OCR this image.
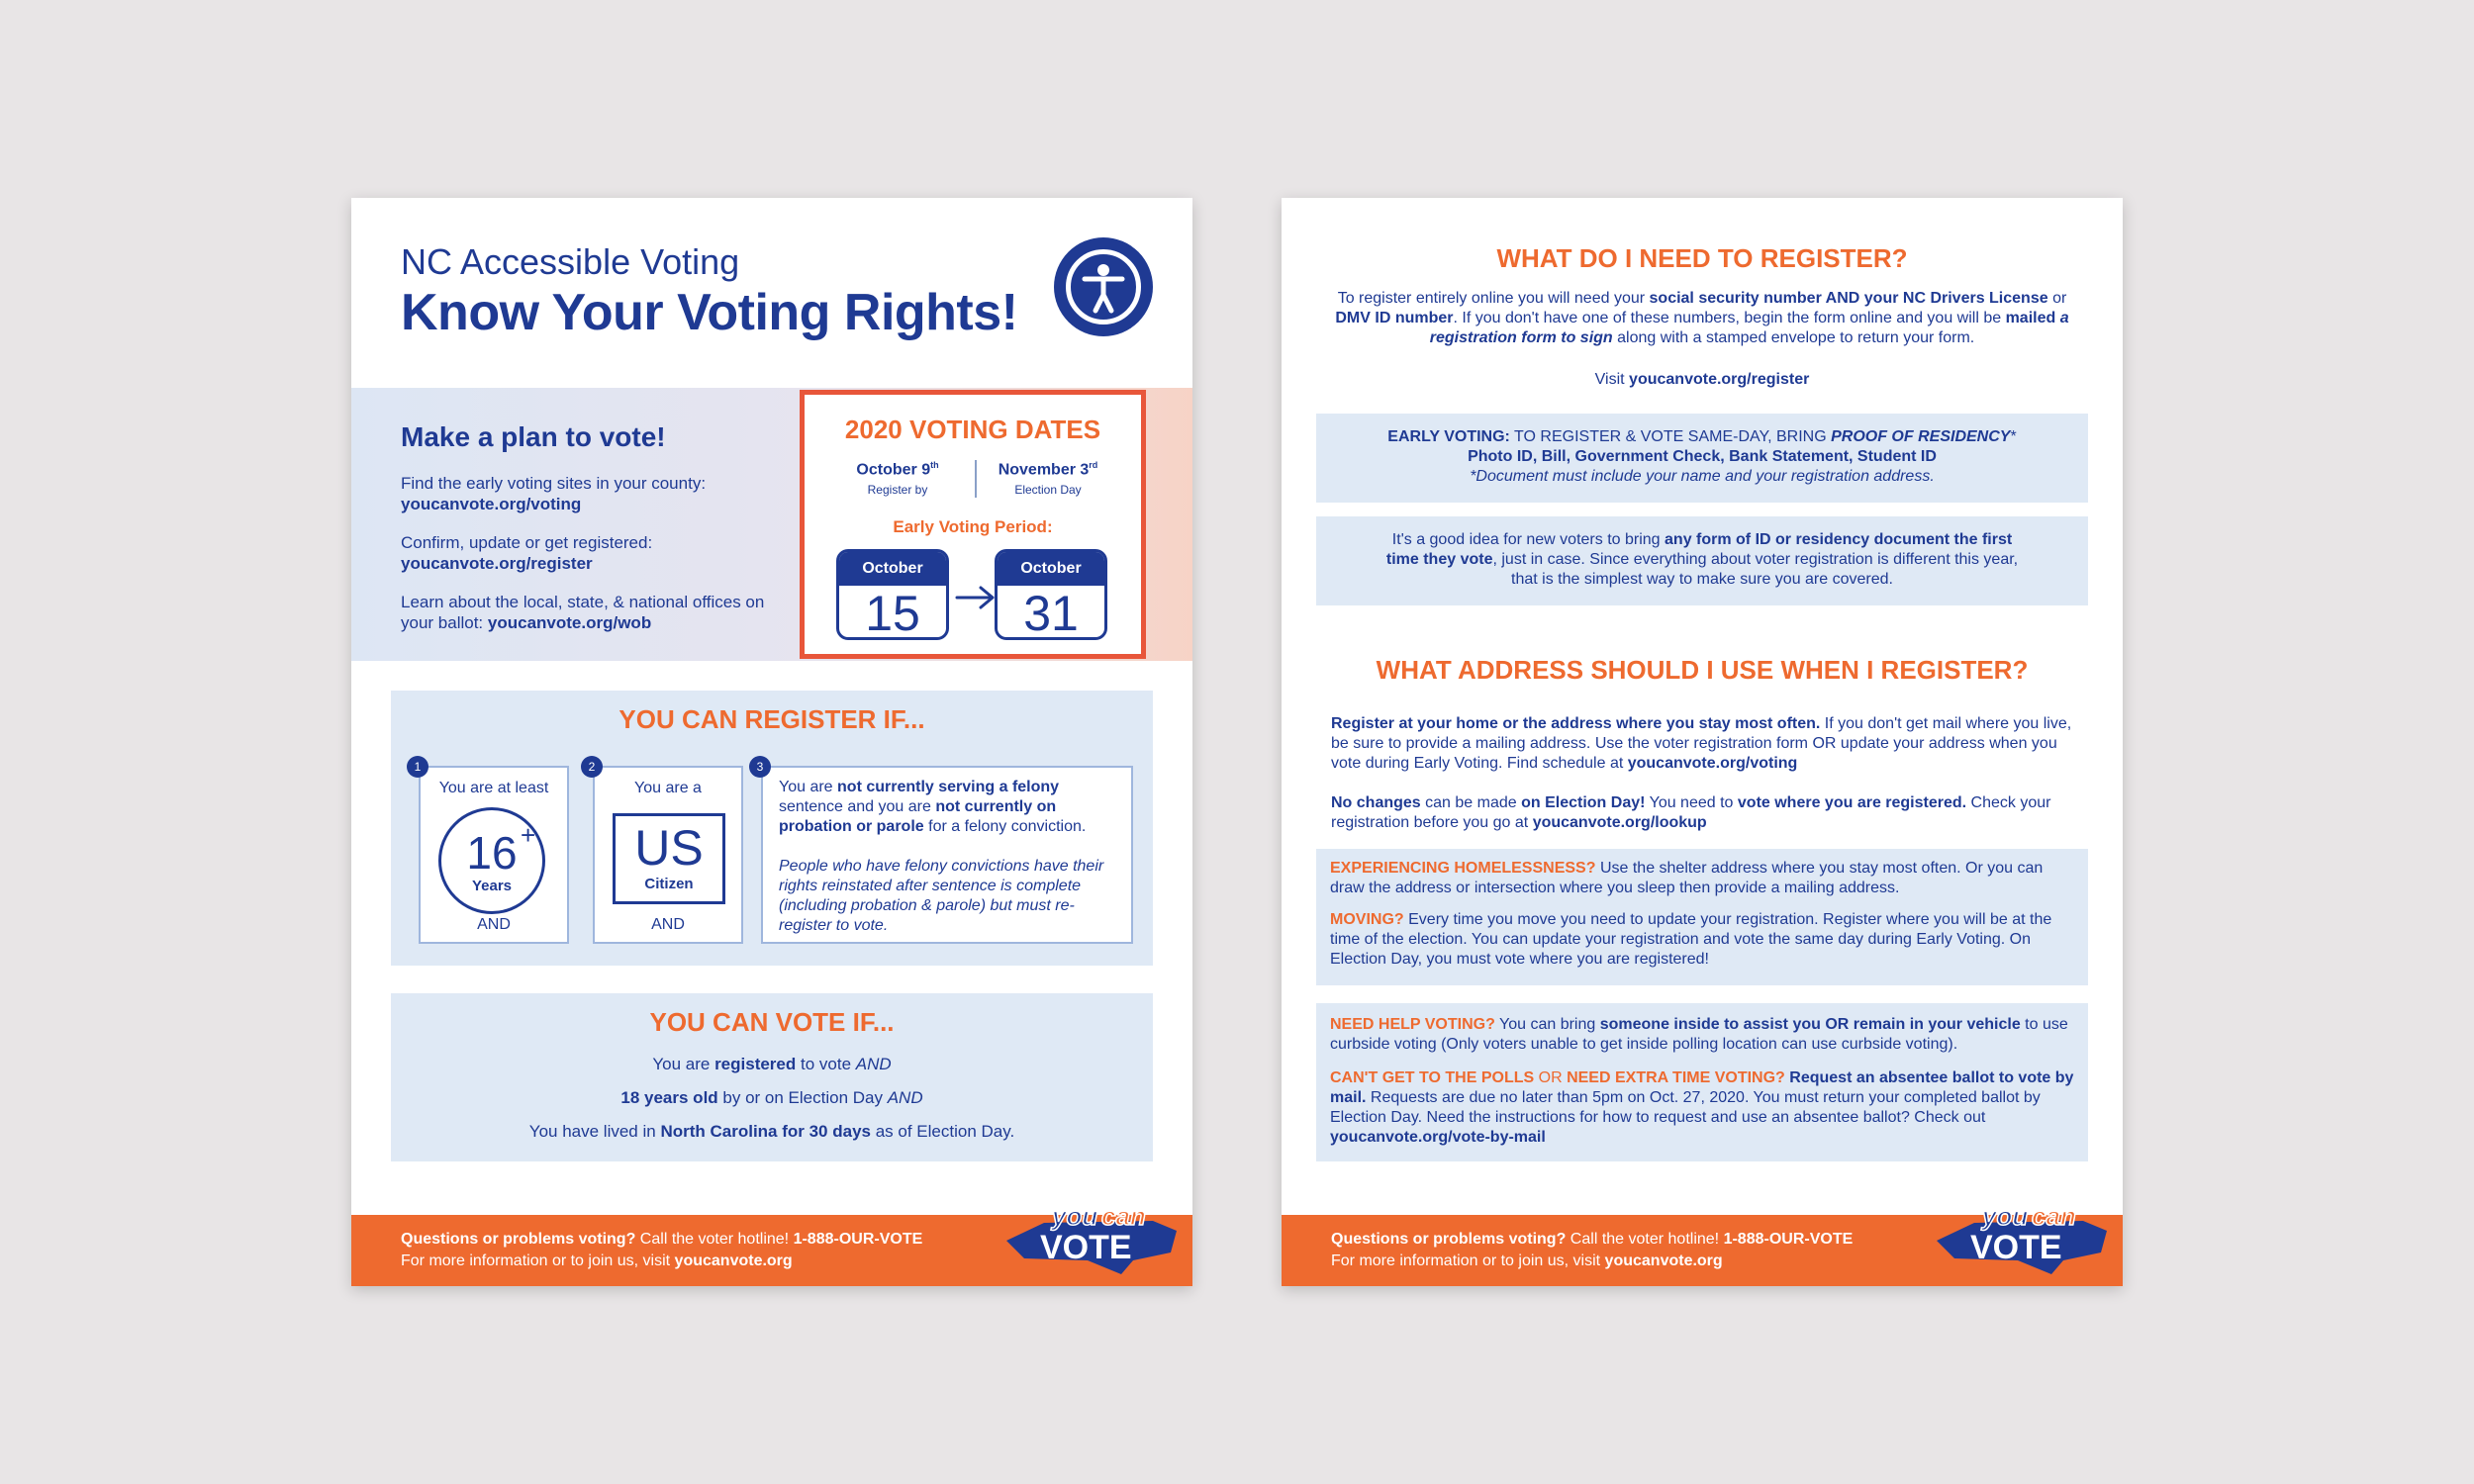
NC Accessible Voting
Know Your Voting Rights!
Make a plan to vote!
Find the early voting sites in your county:
youcanvote.org/voting
Confirm, update or get registered:
youcanvote.org/register
Learn about the local, state, & national offices on your ballot: youcanvote.org/wob
2020 VOTING DATES
October 9th
Register by
November 3rd
Election Day
Early Voting Period:
October
15
October
31
YOU CAN REGISTER IF...
You are at least
16 +
Years
AND
1
You are a
US
Citizen
AND
2
You are not currently serving a felony sentence and you are not currently on probation or parole for a felony conviction.
People who have felony convictions have their rights reinstated after sentence is complete (including probation & parole) but must re-register to vote.
3
YOU CAN VOTE IF...
You are registered to vote AND
18 years old by or on Election Day AND
You have lived in North Carolina for 30 days as of Election Day.
Questions or problems voting? Call the voter hotline! 1-888-OUR-VOTE
For more information or to join us, visit youcanvote.org
you can
VOTE
WHAT DO I NEED TO REGISTER?
To register entirely online you will need your social security number AND your NC Drivers License or DMV ID number. If you don't have one of these numbers, begin the form online and you will be mailed a registration form to sign along with a stamped envelope to return your form.
Visit youcanvote.org/register
EARLY VOTING: TO REGISTER & VOTE SAME-DAY, BRING PROOF OF RESIDENCY*
Photo ID, Bill, Government Check, Bank Statement, Student ID
*Document must include your name and your registration address.
It's a good idea for new voters to bring any form of ID or residency document the first time they vote, just in case. Since everything about voter registration is different this year, that is the simplest way to make sure you are covered.
WHAT ADDRESS SHOULD I USE WHEN I REGISTER?
Register at your home or the address where you stay most often. If you don't get mail where you live, be sure to provide a mailing address. Use the voter registration form OR update your address when you vote during Early Voting. Find schedule at youcanvote.org/voting
No changes can be made on Election Day! You need to vote where you are registered. Check your registration before you go at youcanvote.org/lookup
EXPERIENCING HOMELESSNESS? Use the shelter address where you stay most often. Or you can draw the address or intersection where you sleep then provide a mailing address.
MOVING? Every time you move you need to update your registration. Register where you will be at the time of the election. You can update your registration and vote the same day during Early Voting. On Election Day, you must vote where you are registered!
NEED HELP VOTING? You can bring someone inside to assist you OR remain in your vehicle to use curbside voting (Only voters unable to get inside polling location can use curbside voting).
CAN'T GET TO THE POLLS OR NEED EXTRA TIME VOTING? Request an absentee ballot to vote by mail. Requests are due no later than 5pm on Oct. 27, 2020. You must return your completed ballot by Election Day. Need the instructions for how to request and use an absentee ballot? Check out youcanvote.org/vote-by-mail
Questions or problems voting? Call the voter hotline! 1-888-OUR-VOTE
For more information or to join us, visit youcanvote.org
you can
VOTE
